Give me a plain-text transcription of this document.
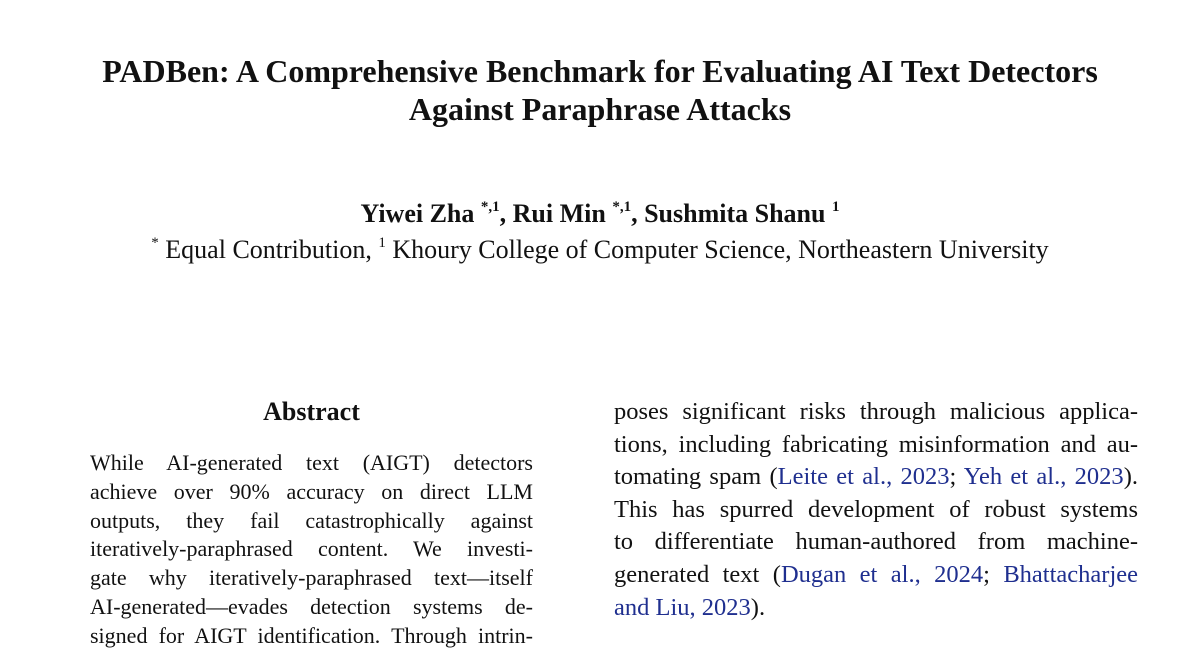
PADBen: A Comprehensive Benchmark for Evaluating AI Text Detectors
Against Paraphrase Attacks
Yiwei Zha $^{*,1}$, Rui Min $^{*,1}$, Sushmita Shanu $^1$
* Equal Contribution, $^1$ Khoury College of Computer Science, Northeastern University
Abstract
While AI-generated text (AIGT) detectors
achieve over 90% accuracy on direct LLM
outputs, they fail catastrophically against
iteratively-paraphrased content. We investi-
gate why iteratively-paraphrased text—itself
AI-generated—evades detection systems de-
signed for AIGT identification. Through intrin-
poses significant risks through malicious applica-
tions, including fabricating misinformation and au-
tomating spam (Leite et al., 2023; Yeh et al., 2023).
This has spurred development of robust systems
to differentiate human-authored from machine-
generated text (Dugan et al., 2024; Bhattacharjee
and Liu, 2023).
